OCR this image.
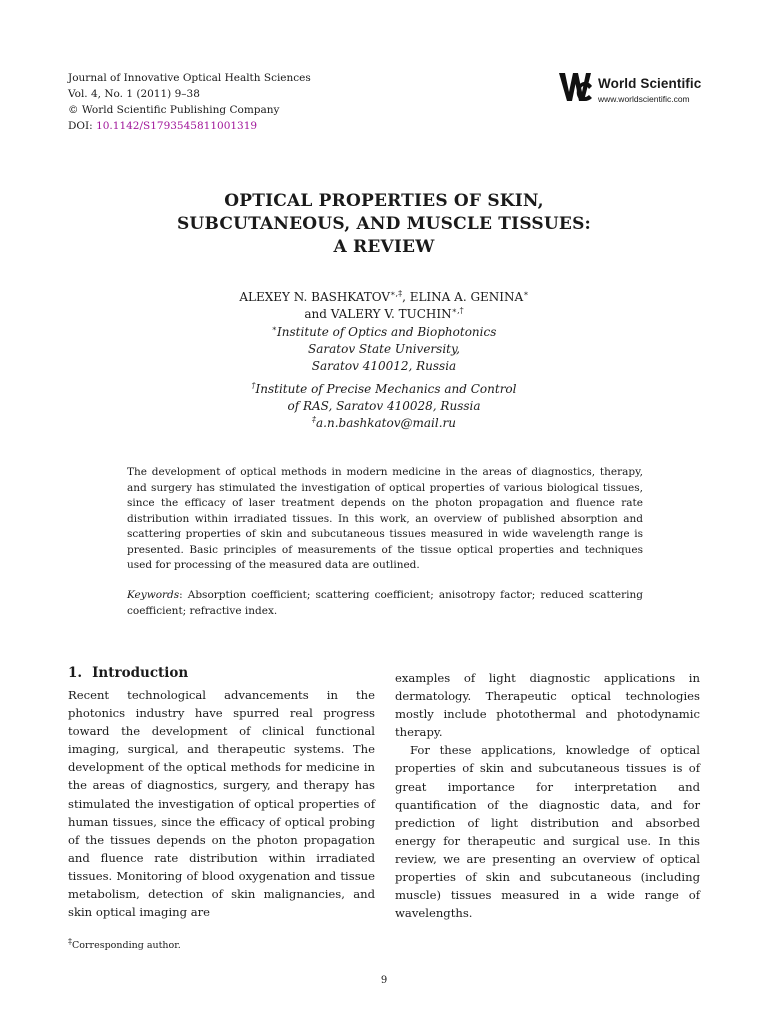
Journal of Innovative Optical Health Sciences
Vol. 4, No. 1 (2011) 9–38
© World Scientific Publishing Company
DOI: 10.1142/S1793545811001319
World Scientific
www.worldscientific.com
OPTICAL PROPERTIES OF SKIN,
SUBCUTANEOUS, AND MUSCLE TISSUES:
A REVIEW
ALEXEY N. BASHKATOV∗,‡, ELINA A. GENINA∗
and VALERY V. TUCHIN∗,†
∗Institute of Optics and Biophotonics
Saratov State University,
Saratov 410012, Russia
†Institute of Precise Mechanics and Control
of RAS, Saratov 410028, Russia
‡a.n.bashkatov@mail.ru
The development of optical methods in modern medicine in the areas of diagnostics, therapy, and surgery has stimulated the investigation of optical properties of various biological tissues, since the efficacy of laser treatment depends on the photon propagation and fluence rate distribution within irradiated tissues. In this work, an overview of published absorption and scattering properties of skin and subcutaneous tissues measured in wide wavelength range is presented. Basic principles of measurements of the tissue optical properties and techniques used for processing of the measured data are outlined.
Keywords: Absorption coefficient; scattering coefficient; anisotropy factor; reduced scattering coefficient; refractive index.
1. Introduction

Recent technological advancements in the photonics industry have spurred real progress toward the development of clinical functional imaging, surgical, and therapeutic systems. The development of the optical methods for medicine in the areas of diagnostics, surgery, and therapy has stimulated the investigation of optical properties of human tissues, since the efficacy of optical probing of the tissues depends on the photon propagation and fluence rate distribution within irradiated tissues. Monitoring of blood oxygenation and tissue metabolism, detection of skin malignancies, and skin optical imaging are

examples of light diagnostic applications in dermatology. Therapeutic optical technologies mostly include photothermal and photodynamic therapy.

For these applications, knowledge of optical properties of skin and subcutaneous tissues is of great importance for interpretation and quantification of the diagnostic data, and for prediction of light distribution and absorbed energy for therapeutic and surgical use. In this review, we are presenting an overview of optical properties of skin and subcutaneous (including muscle) tissues measured in a wide range of wavelengths.

‡Corresponding author.
9
